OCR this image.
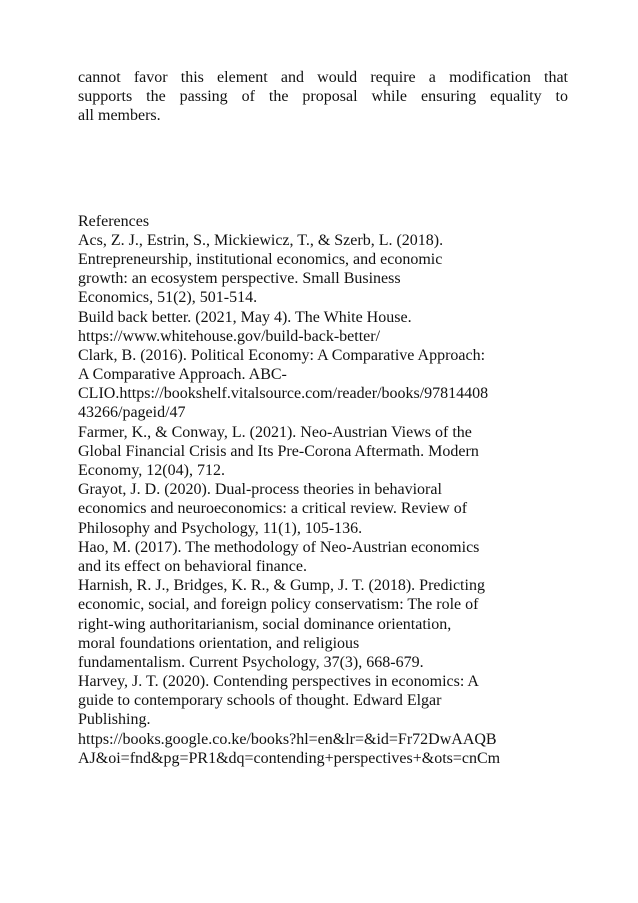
cannot favor this element and would require a modification that
supports the passing of the proposal while ensuring equality to
all members.
References
Acs, Z. J., Estrin, S., Mickiewicz, T., & Szerb, L. (2018).
Entrepreneurship, institutional economics, and economic
growth: an ecosystem perspective. Small Business
Economics, 51(2), 501-514.
Build back better. (2021, May 4). The White House.
https://www.whitehouse.gov/build-back-better/
Clark, B. (2016). Political Economy: A Comparative Approach:
A Comparative Approach. ABC-
CLIO.https://bookshelf.vitalsource.com/reader/books/97814408
43266/pageid/47
Farmer, K., & Conway, L. (2021). Neo-Austrian Views of the
Global Financial Crisis and Its Pre-Corona Aftermath. Modern
Economy, 12(04), 712.
Grayot, J. D. (2020). Dual-process theories in behavioral
economics and neuroeconomics: a critical review. Review of
Philosophy and Psychology, 11(1), 105-136.
Hao, M. (2017). The methodology of Neo-Austrian economics
and its effect on behavioral finance.
Harnish, R. J., Bridges, K. R., & Gump, J. T. (2018). Predicting
economic, social, and foreign policy conservatism: The role of
right-wing authoritarianism, social dominance orientation,
moral foundations orientation, and religious
fundamentalism. Current Psychology, 37(3), 668-679.
Harvey, J. T. (2020). Contending perspectives in economics: A
guide to contemporary schools of thought. Edward Elgar
Publishing.
https://books.google.co.ke/books?hl=en&lr=&id=Fr72DwAAQB
AJ&oi=fnd&pg=PR1&dq=contending+perspectives+&ots=cnCm
